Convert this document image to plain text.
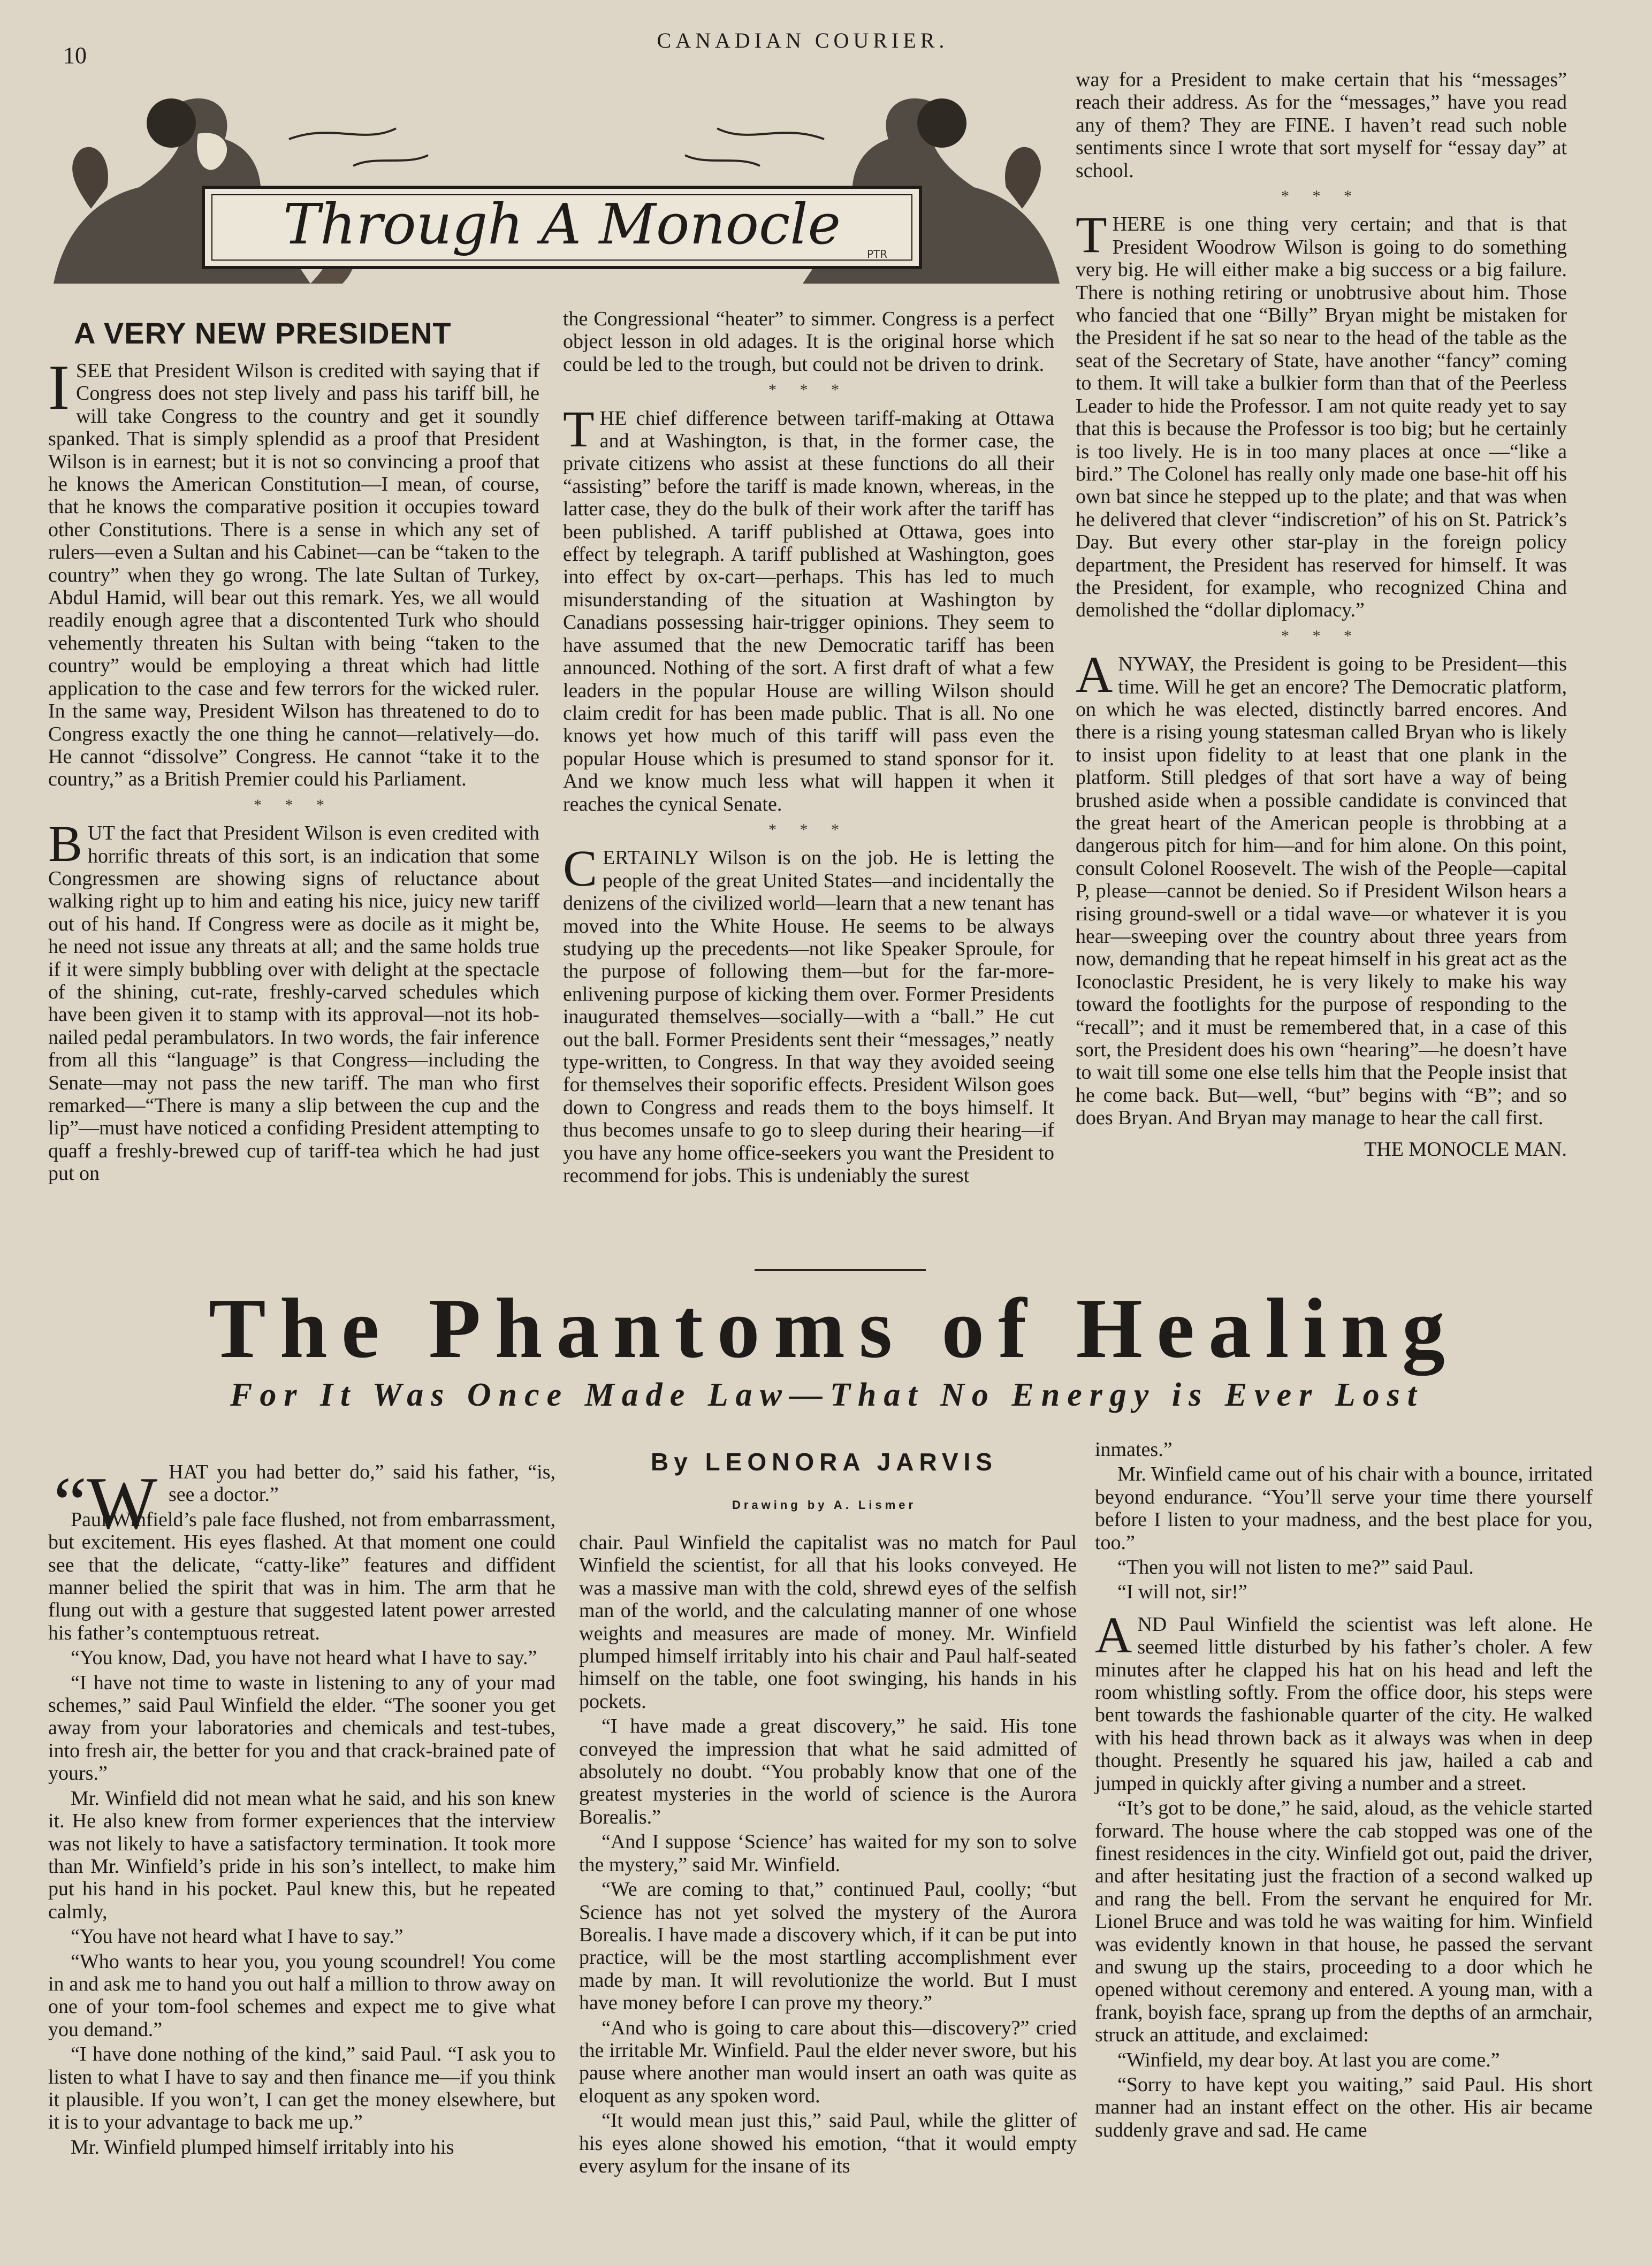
10
CANADIAN COURIER.
Through A Monocle PTR
A VERY NEW PRESIDENT

ISEE that President Wilson is credited with saying that if Congress does not step lively and pass his tariff bill, he will take Congress to the country and get it soundly spanked. That is simply splendid as a proof that President Wilson is in earnest; but it is not so convincing a proof that he knows the American Constitution—I mean, of course, that he knows the comparative position it occupies toward other Constitutions. There is a sense in which any set of rulers—even a Sultan and his Cabinet—can be “taken to the country” when they go wrong. The late Sultan of Turkey, Abdul Hamid, will bear out this remark. Yes, we all would readily enough agree that a discontented Turk who should vehemently threaten his Sultan with being “taken to the country” would be employing a threat which had little application to the case and few terrors for the wicked ruler. In the same way, President Wilson has threatened to do to Congress exactly the one thing he cannot—relatively—do. He cannot “dissolve” Congress. He cannot “take it to the country,” as a British Premier could his Parliament.

* * *

BUT the fact that President Wilson is even credited with horrific threats of this sort, is an indication that some Congressmen are showing signs of reluctance about walking right up to him and eating his nice, juicy new tariff out of his hand. If Congress were as docile as it might be, he need not issue any threats at all; and the same holds true if it were simply bubbling over with delight at the spectacle of the shining, cut-rate, freshly-carved schedules which have been given it to stamp with its approval—not its hob-nailed pedal perambulators. In two words, the fair inference from all this “language” is that Congress—including the Senate—may not pass the new tariff. The man who first remarked—“There is many a slip between the cup and the lip”—must have noticed a confiding President attempting to quaff a freshly-brewed cup of tariff-tea which he had just put on

the Congressional “heater” to simmer. Congress is a perfect object lesson in old adages. It is the original horse which could be led to the trough, but could not be driven to drink.

* * *

THE chief difference between tariff-making at Ottawa and at Washington, is that, in the former case, the private citizens who assist at these functions do all their “assisting” before the tariff is made known, whereas, in the latter case, they do the bulk of their work after the tariff has been published. A tariff published at Ottawa, goes into effect by telegraph. A tariff published at Washington, goes into effect by ox-cart—perhaps. This has led to much misunderstanding of the situation at Washington by Canadians possessing hair-trigger opinions. They seem to have assumed that the new Democratic tariff has been announced. Nothing of the sort. A first draft of what a few leaders in the popular House are willing Wilson should claim credit for has been made public. That is all. No one knows yet how much of this tariff will pass even the popular House which is presumed to stand sponsor for it. And we know much less what will happen it when it reaches the cynical Senate.

* * *

CERTAINLY Wilson is on the job. He is letting the people of the great United States—and incidentally the denizens of the civilized world—learn that a new tenant has moved into the White House. He seems to be always studying up the precedents—not like Speaker Sproule, for the purpose of following them—but for the far-more-enlivening purpose of kicking them over. Former Presidents inaugurated themselves—socially—with a “ball.” He cut out the ball. Former Presidents sent their “messages,” neatly type-written, to Congress. In that way they avoided seeing for themselves their soporific effects. President Wilson goes down to Congress and reads them to the boys himself. It thus becomes unsafe to go to sleep during their hearing—if you have any home office-seekers you want the President to recommend for jobs. This is undeniably the surest

way for a President to make certain that his “messages” reach their address. As for the “messages,” have you read any of them? They are FINE. I haven’t read such noble sentiments since I wrote that sort myself for “essay day” at school.

* * *

THERE is one thing very certain; and that is that President Woodrow Wilson is going to do something very big. He will either make a big success or a big failure. There is nothing retiring or unobtrusive about him. Those who fancied that one “Billy” Bryan might be mistaken for the President if he sat so near to the head of the table as the seat of the Secretary of State, have another “fancy” coming to them. It will take a bulkier form than that of the Peerless Leader to hide the Professor. I am not quite ready yet to say that this is because the Professor is too big; but he certainly is too lively. He is in too many places at once —“like a bird.” The Colonel has really only made one base-hit off his own bat since he stepped up to the plate; and that was when he delivered that clever “indiscretion” of his on St. Patrick’s Day. But every other star-play in the foreign policy department, the President has reserved for himself. It was the President, for example, who recognized China and demolished the “dollar diplomacy.”

* * *

ANYWAY, the President is going to be President—this time. Will he get an encore? The Democratic platform, on which he was elected, distinctly barred encores. And there is a rising young statesman called Bryan who is likely to insist upon fidelity to at least that one plank in the platform. Still pledges of that sort have a way of being brushed aside when a possible candidate is convinced that the great heart of the American people is throbbing at a dangerous pitch for him—and for him alone. On this point, consult Colonel Roosevelt. The wish of the People—capital P, please—cannot be denied. So if President Wilson hears a rising ground-swell or a tidal wave—or whatever it is you hear—sweeping over the country about three years from now, demanding that he repeat himself in his great act as the Iconoclastic President, he is very likely to make his way toward the footlights for the purpose of responding to the “recall”; and it must be remembered that, in a case of this sort, the President does his own “hearing”—he doesn’t have to wait till some one else tells him that the People insist that he come back. But—well, “but” begins with “B”; and so does Bryan. And Bryan may manage to hear the call first.

THE MONOCLE MAN.

The Phantoms of Healing
For It Was Once Made Law—That No Energy is Ever Lost
By LEONORA JARVIS
Drawing by A. Lismer
“W HAT you had better do,” said his father, “is, see a doctor.”

Paul Winfield’s pale face flushed, not from embarrassment, but excitement. His eyes flashed. At that moment one could see that the delicate, “catty-like” features and diffident manner belied the spirit that was in him. The arm that he flung out with a gesture that suggested latent power arrested his father’s contemptuous retreat.

“You know, Dad, you have not heard what I have to say.”

“I have not time to waste in listening to any of your mad schemes,” said Paul Winfield the elder. “The sooner you get away from your laboratories and chemicals and test-tubes, into fresh air, the better for you and that crack-brained pate of yours.”

Mr. Winfield did not mean what he said, and his son knew it. He also knew from former experiences that the interview was not likely to have a satisfactory termination. It took more than Mr. Winfield’s pride in his son’s intellect, to make him put his hand in his pocket. Paul knew this, but he repeated calmly,

“You have not heard what I have to say.”

“Who wants to hear you, you young scoundrel! You come in and ask me to hand you out half a million to throw away on one of your tom-fool schemes and expect me to give what you demand.”

“I have done nothing of the kind,” said Paul. “I ask you to listen to what I have to say and then finance me—if you think it plausible. If you won’t, I can get the money elsewhere, but it is to your advantage to back me up.”

Mr. Winfield plumped himself irritably into his

chair. Paul Winfield the capitalist was no match for Paul Winfield the scientist, for all that his looks conveyed. He was a massive man with the cold, shrewd eyes of the selfish man of the world, and the calculating manner of one whose weights and measures are made of money. Mr. Winfield plumped himself irritably into his chair and Paul half-seated himself on the table, one foot swinging, his hands in his pockets.

“I have made a great discovery,” he said. His tone conveyed the impression that what he said admitted of absolutely no doubt. “You probably know that one of the greatest mysteries in the world of science is the Aurora Borealis.”

“And I suppose ‘Science’ has waited for my son to solve the mystery,” said Mr. Winfield.

“We are coming to that,” continued Paul, coolly; “but Science has not yet solved the mystery of the Aurora Borealis. I have made a discovery which, if it can be put into practice, will be the most startling accomplishment ever made by man. It will revolutionize the world. But I must have money before I can prove my theory.”

“And who is going to care about this—discovery?” cried the irritable Mr. Winfield. Paul the elder never swore, but his pause where another man would insert an oath was quite as eloquent as any spoken word.

“It would mean just this,” said Paul, while the glitter of his eyes alone showed his emotion, “that it would empty every asylum for the insane of its

inmates.”

Mr. Winfield came out of his chair with a bounce, irritated beyond endurance. “You’ll serve your time there yourself before I listen to your madness, and the best place for you, too.”

“Then you will not listen to me?” said Paul.

“I will not, sir!”

AND Paul Winfield the scientist was left alone. He seemed little disturbed by his father’s choler. A few minutes after he clapped his hat on his head and left the room whistling softly. From the office door, his steps were bent towards the fashionable quarter of the city. He walked with his head thrown back as it always was when in deep thought. Presently he squared his jaw, hailed a cab and jumped in quickly after giving a number and a street.

“It’s got to be done,” he said, aloud, as the vehicle started forward. The house where the cab stopped was one of the finest residences in the city. Winfield got out, paid the driver, and after hesitating just the fraction of a second walked up and rang the bell. From the servant he enquired for Mr. Lionel Bruce and was told he was waiting for him. Winfield was evidently known in that house, he passed the servant and swung up the stairs, proceeding to a door which he opened without ceremony and entered. A young man, with a frank, boyish face, sprang up from the depths of an armchair, struck an attitude, and exclaimed:

“Winfield, my dear boy. At last you are come.”

“Sorry to have kept you waiting,” said Paul. His short manner had an instant effect on the other. His air became suddenly grave and sad. He came
